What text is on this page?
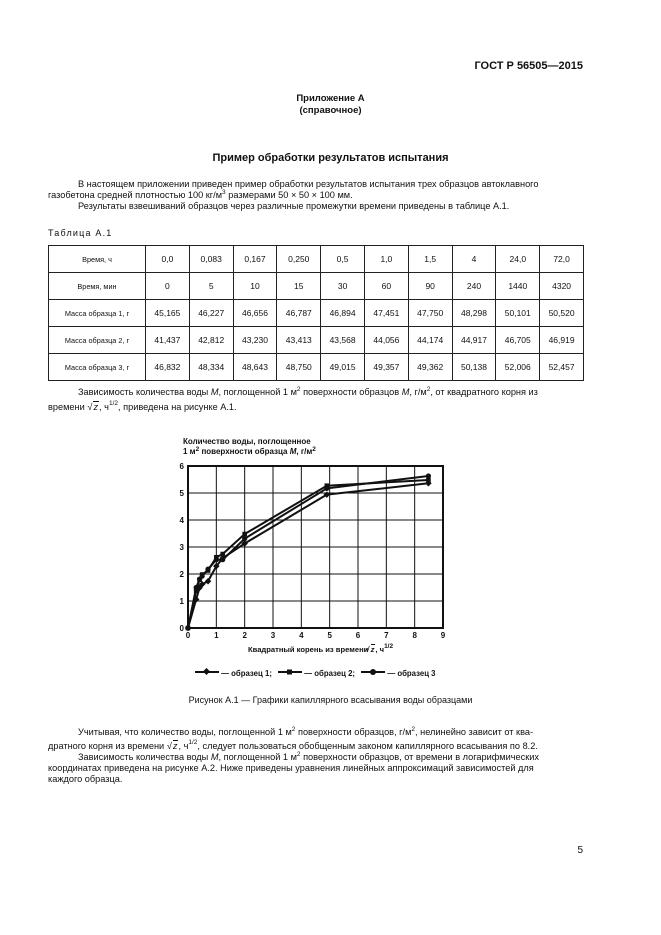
ГОСТ Р 56505—2015
Приложение А
(справочное)
Пример обработки результатов испытания
В настоящем приложении приведен пример обработки результатов испытания трех образцов автоклавного
газобетона средней плотностью 100 $кг/м^3$ размерами 50 × 50 × 100 мм.
Результаты взвешиваний образцов через различные промежутки времени приведены в таблице А.1.
Таблица А.1
Время, ч	0,0	0,083	0,167	0,250	0,5	1,0	1,5	4	24,0	72,0
Время, мин	0	5	10	15	30	60	90	240	1440	4320
Масса образца 1, г	45,165	46,227	46,656	46,787	46,894	47,451	47,750	48,298	50,101	50,520
Масса образца 2, г	41,437	42,812	43,230	43,413	43,568	44,056	44,174	44,917	46,705	46,919
Масса образца 3, г	46,832	48,334	48,643	48,750	49,015	49,357	49,362	50,138	52,006	52,457
Зависимость количества воды M, поглощенной 1 $м^2$ поверхности образцов M, $г/м^2$, от квадратного корня из
времени   √ z, $ч^{1/2}$, приведена на рисунке А.1.
Количество воды, поглощенное
1 $м^2$ поверхности образца M, $г/м^2$
0	1	2	3	4	5	6	7	8	9
0
1
2
3
4
5
6
Квадратный корень из времени √ z, $ч^{1/2}$
— образец 1;	— образец 2;	— образец 3
Рисунок А.1 — Графики капиллярного всасывания воды образцами
Учитывая, что количество воды, поглощенной 1 $м^2$ поверхности образцов, $г/м^2$, нелинейно зависит от ква-
дратного корня из времени   √ z, $ч^{1/2}$, следует пользоваться обобщенным законом капиллярного всасывания по 8.2.
Зависимость количества воды M, поглощенной 1 $м^2$ поверхности образцов, от времени в логарифмических
координатах приведена на рисунке А.2. Ниже приведены уравнения линейных аппроксимаций зависимостей для
каждого образца.
5
